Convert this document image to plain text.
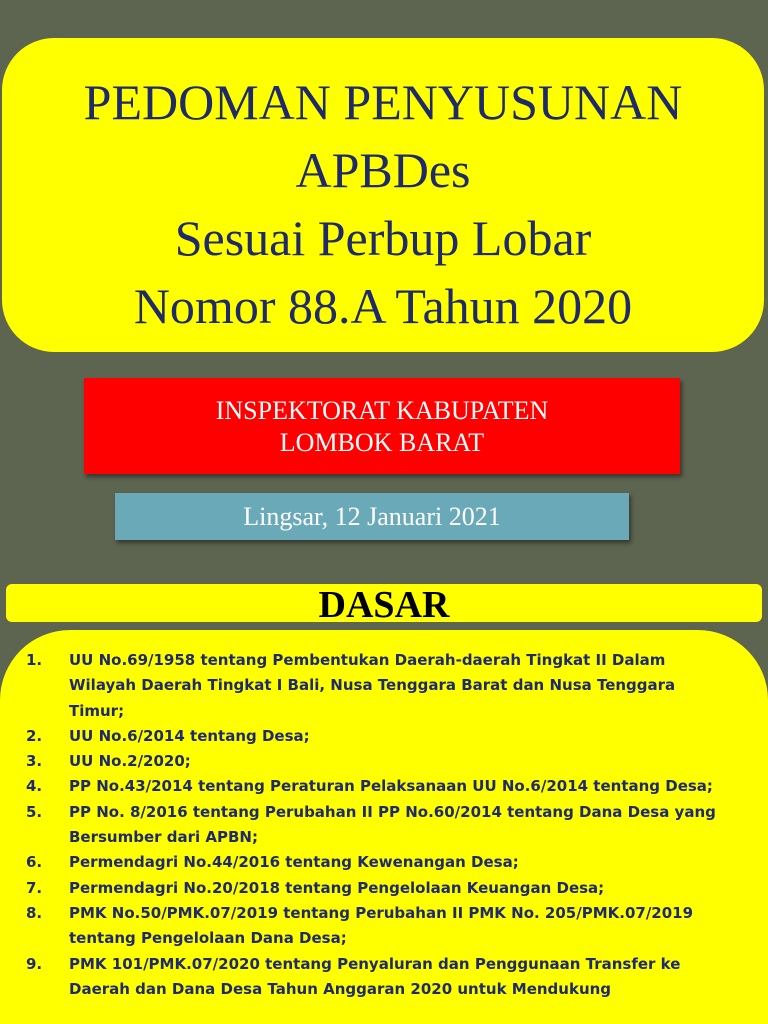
PEDOMAN PENYUSUNAN
APBDes
Sesuai Perbup Lobar
Nomor 88.A Tahun 2020
INSPEKTORAT KABUPATEN
LOMBOK BARAT
Lingsar, 12 Januari 2021
DASAR
1. UU No.69/1958 tentang Pembentukan Daerah-daerah Tingkat II Dalam Wilayah Daerah Tingkat I Bali, Nusa Tenggara Barat dan Nusa Tenggara Timur;
2. UU No.6/2014 tentang Desa;
3. UU No.2/2020;
4. PP No.43/2014 tentang Peraturan Pelaksanaan UU No.6/2014 tentang Desa;
5. PP No. 8/2016 tentang Perubahan II PP No.60/2014 tentang Dana Desa yang Bersumber dari APBN;
6. Permendagri No.44/2016 tentang Kewenangan Desa;
7. Permendagri No.20/2018 tentang Pengelolaan Keuangan Desa;
8. PMK No.50/PMK.07/2019 tentang Perubahan II PMK No. 205/PMK.07/2019 tentang Pengelolaan Dana Desa;
9. PMK 101/PMK.07/2020 tentang Penyaluran dan Penggunaan Transfer ke Daerah dan Dana Desa Tahun Anggaran 2020 untuk Mendukung
